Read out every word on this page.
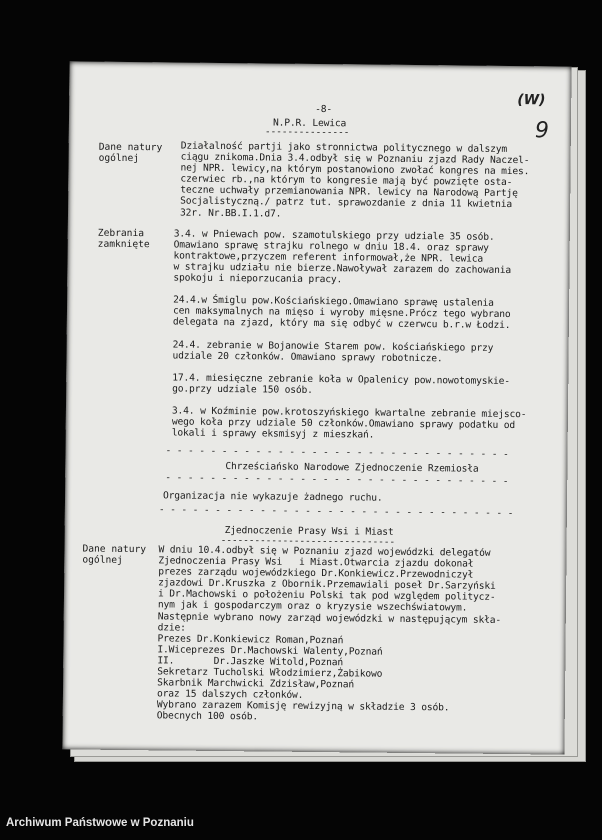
(W)
9
-8-
N.P.R. Lewica
---------------
Dane natury
ogólnej
Działalność partji jako stronnictwa politycznego w dalszym
ciągu znikoma.Dnia 3.4.odbył się w Poznaniu zjazd Rady Naczel-
nej NPR. lewicy,na którym postanowiono zwołać kongres na mies.
czerwiec rb.,na którym to kongresie mają być powzięte osta-
teczne uchwały przemianowania NPR. lewicy na Narodową Partję
Socjalistyczną./ patrz tut. sprawozdanie z dnia 11 kwietnia
32r. Nr.BB.I.1.d7.
Zebrania
zamknięte
3.4. w Pniewach pow. szamotulskiego przy udziale 35 osób.
Omawiano sprawę strajku rolnego w dniu 18.4. oraz sprawy
kontraktowe,przyczem referent informował,że NPR. lewica
w strajku udziału nie bierze.Nawoływał zarazem do zachowania
spokoju i nieporzucania pracy.
24.4.w Śmiglu pow.Kościańskiego.Omawiano sprawę ustalenia
cen maksymalnych na mięso i wyroby mięsne.Prócz tego wybrano
delegata na zjazd, który ma się odbyć w czerwcu b.r.w Łodzi.
24.4. zebranie w Bojanowie Starem pow. kościańskiego przy
udziale 20 członków. Omawiano sprawy robotnicze.
17.4. miesięczne zebranie koła w Opalenicy pow.nowotomyskie-
go.przy udziale 150 osób.
3.4. w Koźminie pow.krotoszyńskiego kwartalne zebranie miejsco-
wego koła przy udziale 50 członków.Omawiano sprawy podatku od
lokali i sprawy eksmisyj z mieszkań.
- - - - - - - - - - - - - - - - - - - - - - - - - - - - - - -
Chrześciańsko Narodowe Zjednoczenie Rzemiosła
- - - - - - - - - - - - - - - - - - - - - - - - - - - - - - -
Organizacja nie wykazuje żadnego ruchu.
- - - - - - - - - - - - - - - - - - - - - - - - - - - - - - - -
Zjednoczenie Prasy Wsi i Miast
-------------------------------
Dane natury
ogólnej
W dniu 10.4.odbył się w Poznaniu zjazd wojewódzki delegatów
Zjednoczenia Prasy Wsi   i Miast.Otwarcia zjazdu dokonał
prezes zarządu wojewódzkiego Dr.Konkiewicz.Przewodniczył
zjazdowi Dr.Kruszka z Obornik.Przemawiali poseł Dr.Sarzyński
i Dr.Machowski o położeniu Polski tak pod względem politycz-
nym jak i gospodarczym oraz o kryzysie wszechświatowym.
Następnie wybrano nowy zarząd wojewódzki w następującym skła-
dzie:
Prezes Dr.Konkiewicz Roman,Poznań
I.Wiceprezes Dr.Machowski Walenty,Poznań
II.       Dr.Jaszke Witold,Poznań
Sekretarz Tucholski Włodzimierz,Żabikowo
Skarbnik Marchwicki Zdzisław,Poznań
oraz 15 dalszych członków.
Wybrano zarazem Komisję rewizyjną w składzie 3 osób.
Obecnych 100 osób.
Archiwum Państwowe w Poznaniu
